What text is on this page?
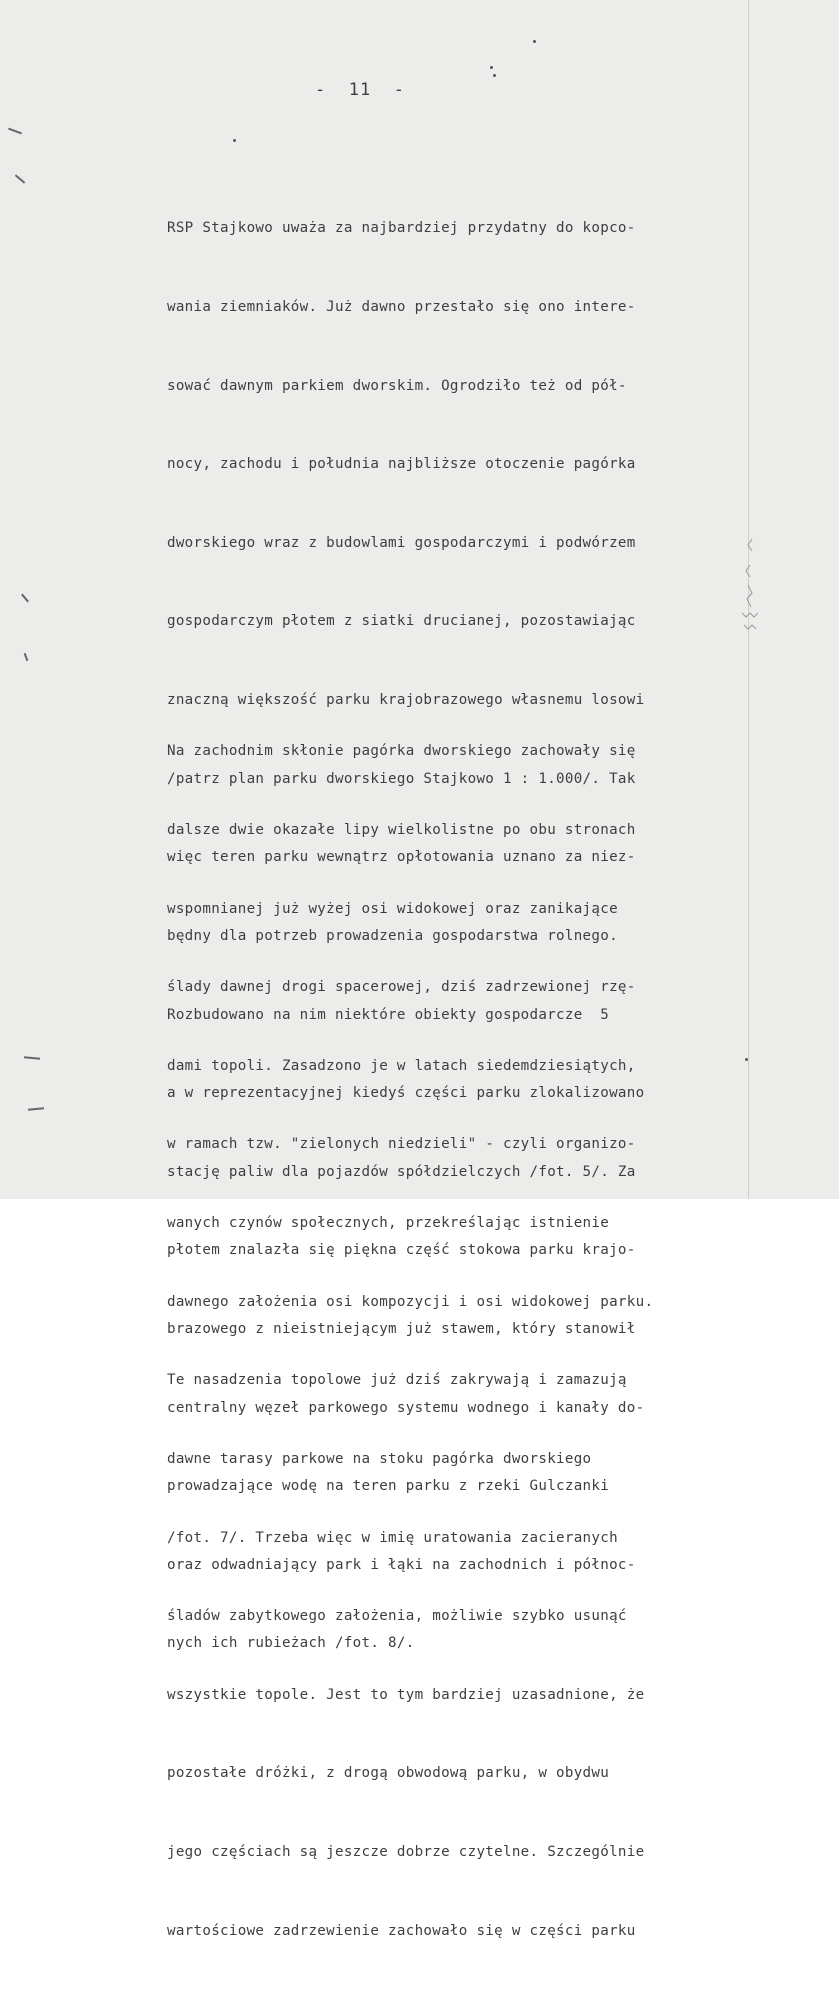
-  11  -

RSP Stajkowo uważa za najbardziej przydatny do kopco-

wania ziemniaków. Już dawno przestało się ono intere-

sować dawnym parkiem dworskim. Ogrodziło też od pół-

nocy, zachodu i południa najbliższe otoczenie pagórka

dworskiego wraz z budowlami gospodarczymi i podwórzem

gospodarczym płotem z siatki drucianej, pozostawiając

znaczną większość parku krajobrazowego własnemu losowi

/patrz plan parku dworskiego Stajkowo 1 : 1.000/. Tak

więc teren parku wewnątrz opłotowania uznano za niez-

będny dla potrzeb prowadzenia gospodarstwa rolnego.

Rozbudowano na nim niektóre obiekty gospodarcze  5

a w reprezentacyjnej kiedyś części parku zlokalizowano

stację paliw dla pojazdów spółdzielczych /fot. 5/. Za

płotem znalazła się piękna część stokowa parku krajo-

brazowego z nieistniejącym już stawem, który stanowił

centralny węzeł parkowego systemu wodnego i kanały do-

prowadzające wodę na teren parku z rzeki Gulczanki

oraz odwadniający park i łąki na zachodnich i północ-

nych ich rubieżach /fot. 8/.

Na zachodnim skłonie pagórka dworskiego zachowały się

dalsze dwie okazałe lipy wielkolistne po obu stronach

wspomnianej już wyżej osi widokowej oraz zanikające

ślady dawnej drogi spacerowej, dziś zadrzewionej rzę-

dami topoli. Zasadzono je w latach siedemdziesiątych,

w ramach tzw. "zielonych niedzieli" - czyli organizo-

wanych czynów społecznych, przekreślając istnienie

dawnego założenia osi kompozycji i osi widokowej parku.

Te nasadzenia topolowe już dziś zakrywają i zamazują

dawne tarasy parkowe na stoku pagórka dworskiego

/fot. 7/. Trzeba więc w imię uratowania zacieranych

śladów zabytkowego założenia, możliwie szybko usunąć

wszystkie topole. Jest to tym bardziej uzasadnione, że

pozostałe dróżki, z drogą obwodową parku, w obydwu

jego częściach są jeszcze dobrze czytelne. Szczególnie

wartościowe zadrzewienie zachowało się w części parku
